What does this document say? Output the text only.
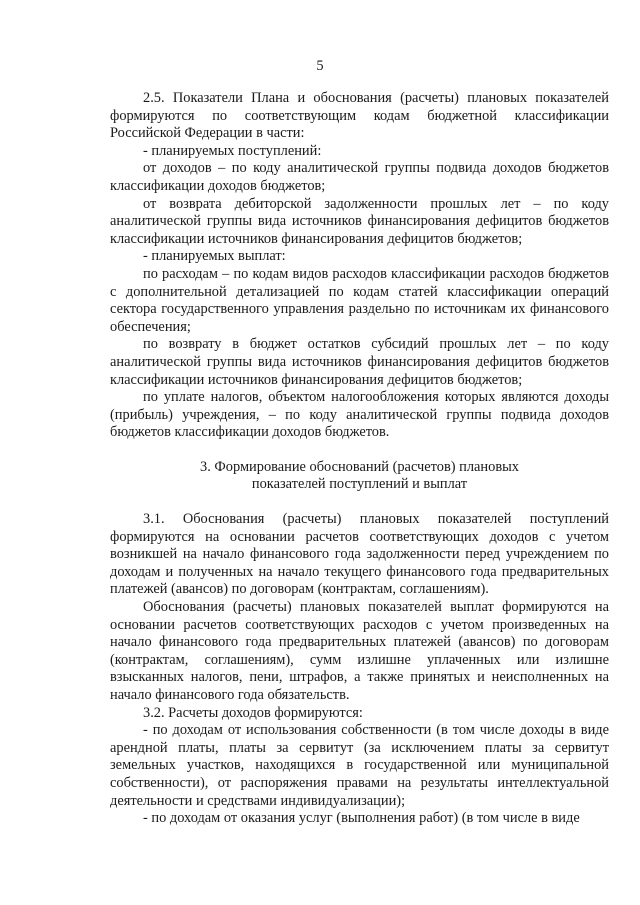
5

2.5. Показатели Плана и обоснования (расчеты) плановых показателей формируются по соответствующим кодам бюджетной классификации Российской Федерации в части:

- планируемых поступлений:

от доходов – по коду аналитической группы подвида доходов бюджетов классификации доходов бюджетов;

от возврата дебиторской задолженности прошлых лет – по коду аналитической группы вида источников финансирования дефицитов бюджетов классификации источников финансирования дефицитов бюджетов;

- планируемых выплат:

по расходам – по кодам видов расходов классификации расходов бюджетов с дополнительной детализацией по кодам статей классификации операций сектора государственного управления раздельно по источникам их финансового обеспечения;

по возврату в бюджет остатков субсидий прошлых лет – по коду аналитической группы вида источников финансирования дефицитов бюджетов классификации источников финансирования дефицитов бюджетов;

по уплате налогов, объектом налогообложения которых являются доходы (прибыль) учреждения, – по коду аналитической группы подвида доходов бюджетов классификации доходов бюджетов.

3. Формирование обоснований (расчетов) плановых
показателей поступлений и выплат

3.1. Обоснования (расчеты) плановых показателей поступлений формируются на основании расчетов соответствующих доходов с учетом возникшей на начало финансового года задолженности перед учреждением по доходам и полученных на начало текущего финансового года предварительных платежей (авансов) по договорам (контрактам, соглашениям).

Обоснования (расчеты) плановых показателей выплат формируются на основании расчетов соответствующих расходов с учетом произведенных на начало финансового года предварительных платежей (авансов) по договорам (контрактам, соглашениям), сумм излишне уплаченных или излишне взысканных налогов, пени, штрафов, а также принятых и неисполненных на начало финансового года обязательств.

3.2. Расчеты доходов формируются:

- по доходам от использования собственности (в том числе доходы в виде арендной платы, платы за сервитут (за исключением платы за сервитут земельных участков, находящихся в государственной или муниципальной собственности), от распоряжения правами на результаты интеллектуальной деятельности и средствами индивидуализации);

- по доходам от оказания услуг (выполнения работ) (в том числе в виде
